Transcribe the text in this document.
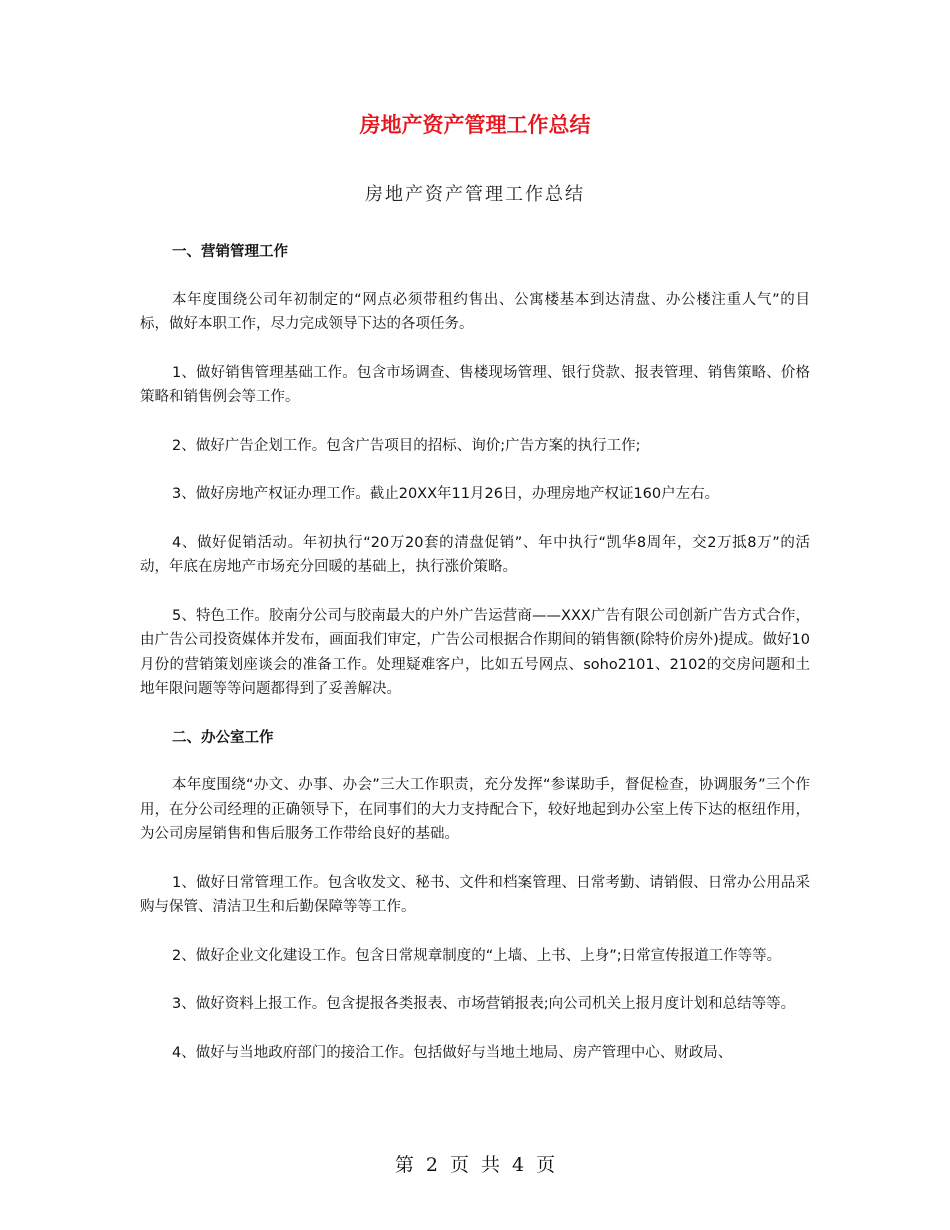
房地产资产管理工作总结
房地产资产管理工作总结

一、营销管理工作

本年度围绕公司年初制定的“网点必须带租约售出、公寓楼基本到达清盘、办公楼注重人气”的目标，做好本职工作，尽力完成领导下达的各项任务。

1、做好销售管理基础工作。包含市场调查、售楼现场管理、银行贷款、报表管理、销售策略、价格策略和销售例会等工作。

2、做好广告企划工作。包含广告项目的招标、询价;广告方案的执行工作;

3、做好房地产权证办理工作。截止20XX年11月26日，办理房地产权证160户左右。

4、做好促销活动。年初执行“20万20套的清盘促销”、年中执行“凯华8周年，交2万抵8万”的活动，年底在房地产市场充分回暖的基础上，执行涨价策略。

5、特色工作。胶南分公司与胶南最大的户外广告运营商——XXX广告有限公司创新广告方式合作，由广告公司投资媒体并发布，画面我们审定，广告公司根据合作期间的销售额(除特价房外)提成。做好10月份的营销策划座谈会的准备工作。处理疑难客户，比如五号网点、soho2101、2102的交房问题和土地年限问题等等问题都得到了妥善解决。

二、办公室工作

本年度围绕“办文、办事、办会”三大工作职责，充分发挥“参谋助手，督促检查，协调服务”三个作用，在分公司经理的正确领导下，在同事们的大力支持配合下，较好地起到办公室上传下达的枢纽作用，为公司房屋销售和售后服务工作带给良好的基础。

1、做好日常管理工作。包含收发文、秘书、文件和档案管理、日常考勤、请销假、日常办公用品采购与保管、清洁卫生和后勤保障等等工作。

2、做好企业文化建设工作。包含日常规章制度的“上墙、上书、上身”;日常宣传报道工作等等。

3、做好资料上报工作。包含提报各类报表、市场营销报表;向公司机关上报月度计划和总结等等。

4、做好与当地政府部门的接洽工作。包括做好与当地土地局、房产管理中心、财政局、

第 2 页 共 4 页
